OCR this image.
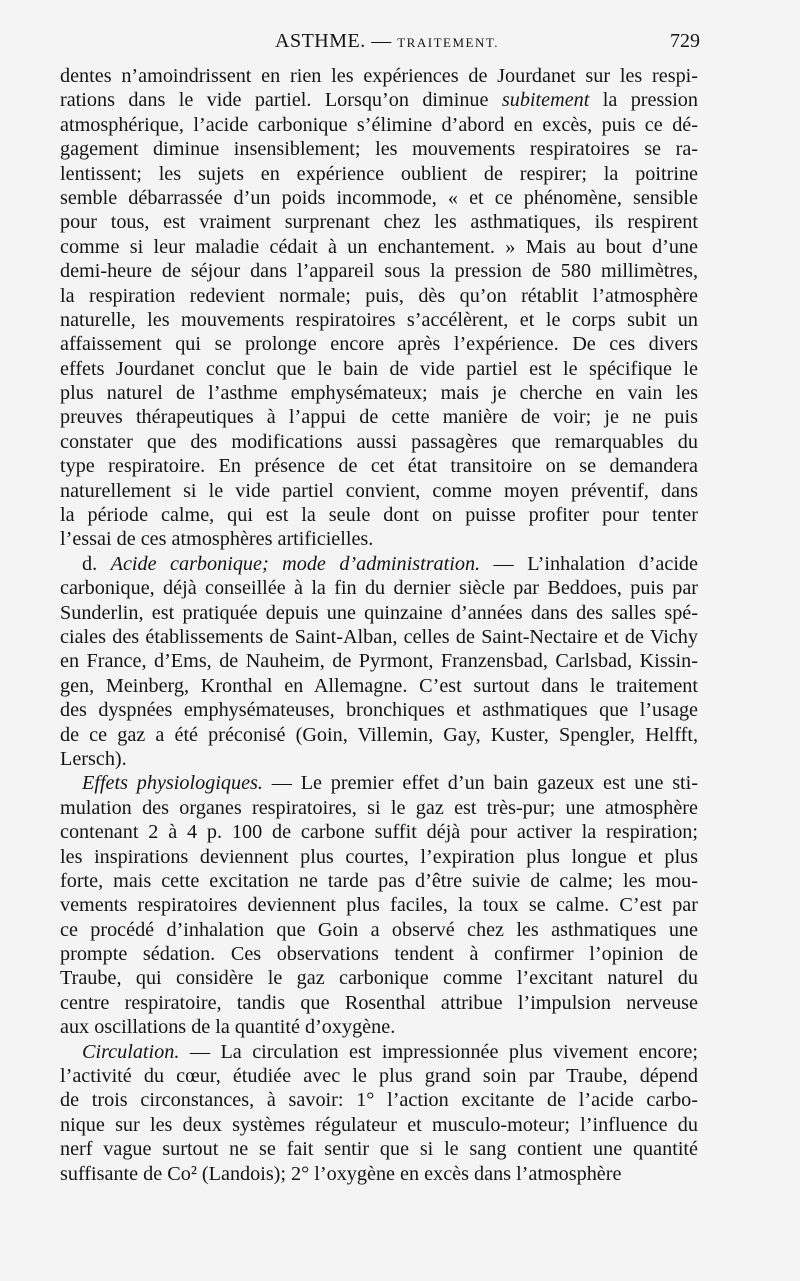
ASTHME. — TRAITEMENT.	729
dentes n’amoindrissent en rien les expériences de Jourdanet sur les respi-
rations dans le vide partiel. Lorsqu’on diminue subitement la pression
atmosphérique, l’acide carbonique s’élimine d’abord en excès, puis ce dé-
gagement diminue insensiblement; les mouvements respiratoires se ra-
lentissent; les sujets en expérience oublient de respirer; la poitrine
semble débarrassée d’un poids incommode, « et ce phénomène, sensible
pour tous, est vraiment surprenant chez les asthmatiques, ils respirent
comme si leur maladie cédait à un enchantement. » Mais au bout d’une
demi-heure de séjour dans l’appareil sous la pression de 580 millimètres,
la respiration redevient normale; puis, dès qu’on rétablit l’atmosphère
naturelle, les mouvements respiratoires s’accélèrent, et le corps subit un
affaissement qui se prolonge encore après l’expérience. De ces divers
effets Jourdanet conclut que le bain de vide partiel est le spécifique le
plus naturel de l’asthme emphysémateux; mais je cherche en vain les
preuves thérapeutiques à l’appui de cette manière de voir; je ne puis
constater que des modifications aussi passagères que remarquables du
type respiratoire. En présence de cet état transitoire on se demandera
naturellement si le vide partiel convient, comme moyen préventif, dans
la période calme, qui est la seule dont on puisse profiter pour tenter
l’essai de ces atmosphères artificielles.
d. Acide carbonique; mode d’administration. — L’inhalation d’acide
carbonique, déjà conseillée à la fin du dernier siècle par Beddoes, puis par
Sunderlin, est pratiquée depuis une quinzaine d’années dans des salles spé-
ciales des établissements de Saint-Alban, celles de Saint-Nectaire et de Vichy
en France, d’Ems, de Nauheim, de Pyrmont, Franzensbad, Carlsbad, Kissin-
gen, Meinberg, Kronthal en Allemagne. C’est surtout dans le traitement
des dyspnées emphysémateuses, bronchiques et asthmatiques que l’usage
de ce gaz a été préconisé (Goin, Villemin, Gay, Kuster, Spengler, Helfft,
Lersch).
Effets physiologiques. — Le premier effet d’un bain gazeux est une sti-
mulation des organes respiratoires, si le gaz est très-pur; une atmosphère
contenant 2 à 4 p. 100 de carbone suffit déjà pour activer la respiration;
les inspirations deviennent plus courtes, l’expiration plus longue et plus
forte, mais cette excitation ne tarde pas d’être suivie de calme; les mou-
vements respiratoires deviennent plus faciles, la toux se calme. C’est par
ce procédé d’inhalation que Goin a observé chez les asthmatiques une
prompte sédation. Ces observations tendent à confirmer l’opinion de
Traube, qui considère le gaz carbonique comme l’excitant naturel du
centre respiratoire, tandis que Rosenthal attribue l’impulsion nerveuse
aux oscillations de la quantité d’oxygène.
Circulation. — La circulation est impressionnée plus vivement encore;
l’activité du cœur, étudiée avec le plus grand soin par Traube, dépend
de trois circonstances, à savoir: 1° l’action excitante de l’acide carbo-
nique sur les deux systèmes régulateur et musculo-moteur; l’influence du
nerf vague surtout ne se fait sentir que si le sang contient une quantité
suffisante de Co² (Landois); 2° l’oxygène en excès dans l’atmosphère
